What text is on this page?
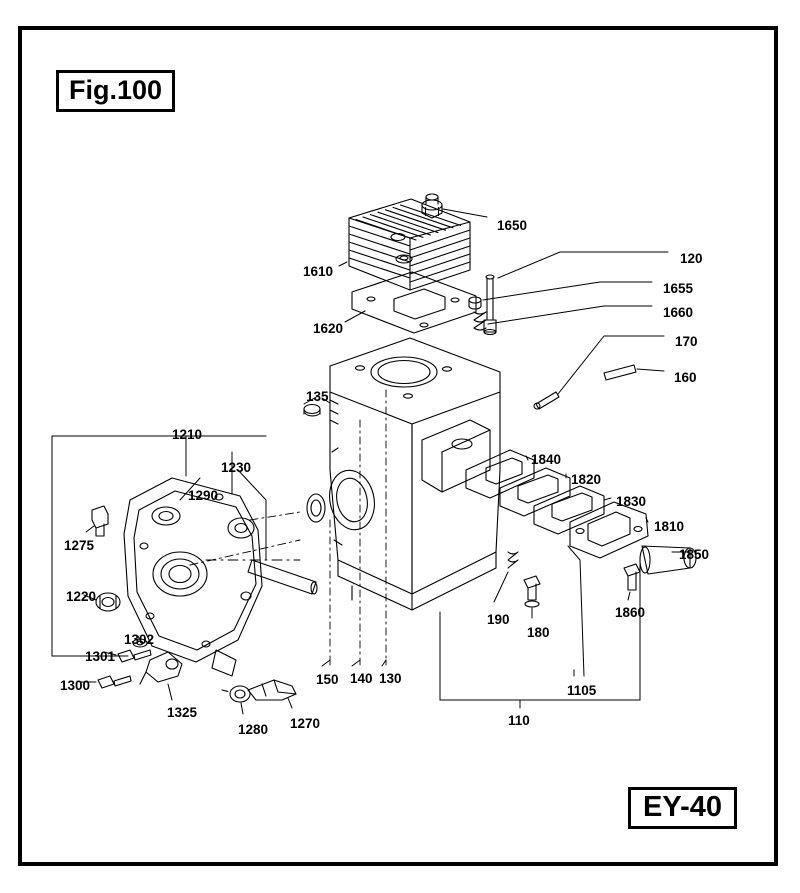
Fig.100
EY-40
1650
1610
1620
120
1655
1660
170
160
135
1210
1230
1290
1840
1820
1830
1810
1850
1275
1220
1302
1301
1300
1325
1280 1270
150 140 130
190
180
1860
1105
110
